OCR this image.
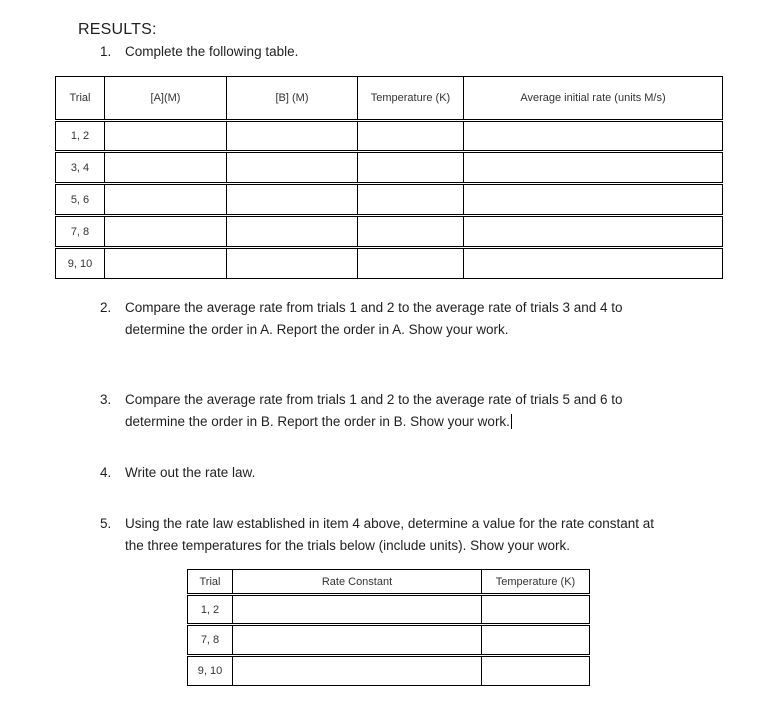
RESULTS:
1.	Complete the following table.
Trial	[A](M)	[B] (M)	Temperature (K)	Average initial rate (units M/s)
1, 2				
3, 4				
5, 6				
7, 8				
9, 10				
2.	Compare the average rate from trials 1 and 2 to the average rate of trials 3 and 4 to
determine the order in A. Report the order in A. Show your work.
3.	Compare the average rate from trials 1 and 2 to the average rate of trials 5 and 6 to
determine the order in B. Report the order in B. Show your work.
4.	Write out the rate law.
5.	Using the rate law established in item 4 above, determine a value for the rate constant at
the three temperatures for the trials below (include units). Show your work.
Trial	Rate Constant	Temperature (K)
1, 2		
7, 8		
9, 10		
